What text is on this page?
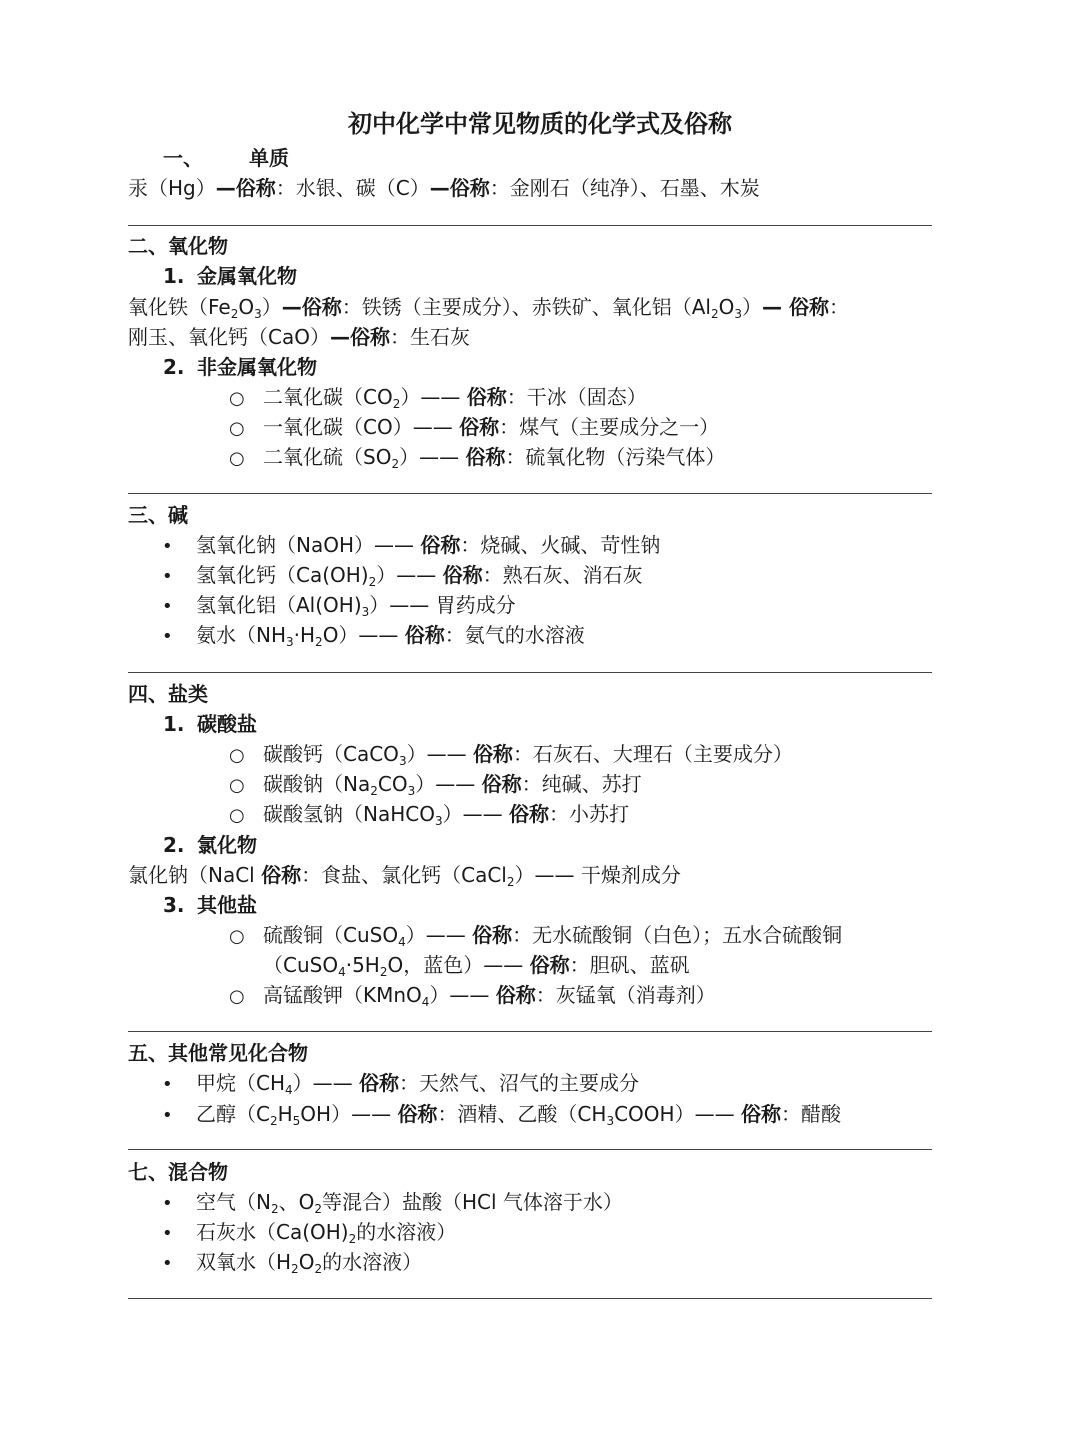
初中化学中常见物质的化学式及俗称
一、 单质
汞（Hg）—俗称：水银、碳（C）—俗称：金刚石（纯净）、石墨、木炭
二、氧化物
1. 金属氧化物
氧化铁$(Fe_2O_3)—$俗称：铁锈（主要成分）、赤铁矿、氧化铝$(Al_2O_3)—$ 俗称：
刚玉、氧化钙（CaO）—俗称：生石灰
2. 非金属氧化物
○ 二氧化碳$(CO_2)——$ 俗称：干冰（固态）
○ 一氧化碳（CO）—— 俗称：煤气（主要成分之一）
○ 二氧化硫$(SO_2)——$ 俗称：硫氧化物（污染气体）
三、碱
• 氢氧化钠（NaOH）—— 俗称：烧碱、火碱、苛性钠
• 氢氧化钙$(Ca(OH)_2)——$ 俗称：熟石灰、消石灰
• 氢氧化铝$(Al(OH)_3)——$ 胃药成分
• 氨水$(NH_3\cdot H_2O)——$ 俗称：氨气的水溶液
四、盐类
1. 碳酸盐
○ 碳酸钙（CaCO$_3$）—— 俗称：石灰石、大理石（主要成分）
○ 碳酸钠$(Na_2CO_3)——$ 俗称：纯碱、苏打
○ 碳酸氢钠（NaHCO$_3$）—— 俗称：小苏打
2. 氯化物
氯化钠（NaCl 俗称：食盐、氯化钙（CaCl$_2$）—— 干燥剂成分
3. 其他盐
○ 硫酸铜（CuSO$_4$）—— 俗称：无水硫酸铜（白色）；五水合硫酸铜
（$CuSO_4\cdot 5H_2O$，蓝色）—— 俗称：胆矾、蓝矾
○ 高锰酸钾（KMnO$_4$）—— 俗称：灰锰氧（消毒剂）
五、其他常见化合物
• 甲烷$(CH_4)——$ 俗称：天然气、沼气的主要成分
• 乙醇$(C_2H_5OH)——$ 俗称：酒精、乙酸$(CH_3COOH)——$ 俗称：醋酸
七、混合物
• 空气（$N_2$、$O_2$等混合）盐酸（HCl 气体溶于水）
• 石灰水（$Ca(OH)_2$的水溶液）
• 双氧水（$H_2O_2$的水溶液）
